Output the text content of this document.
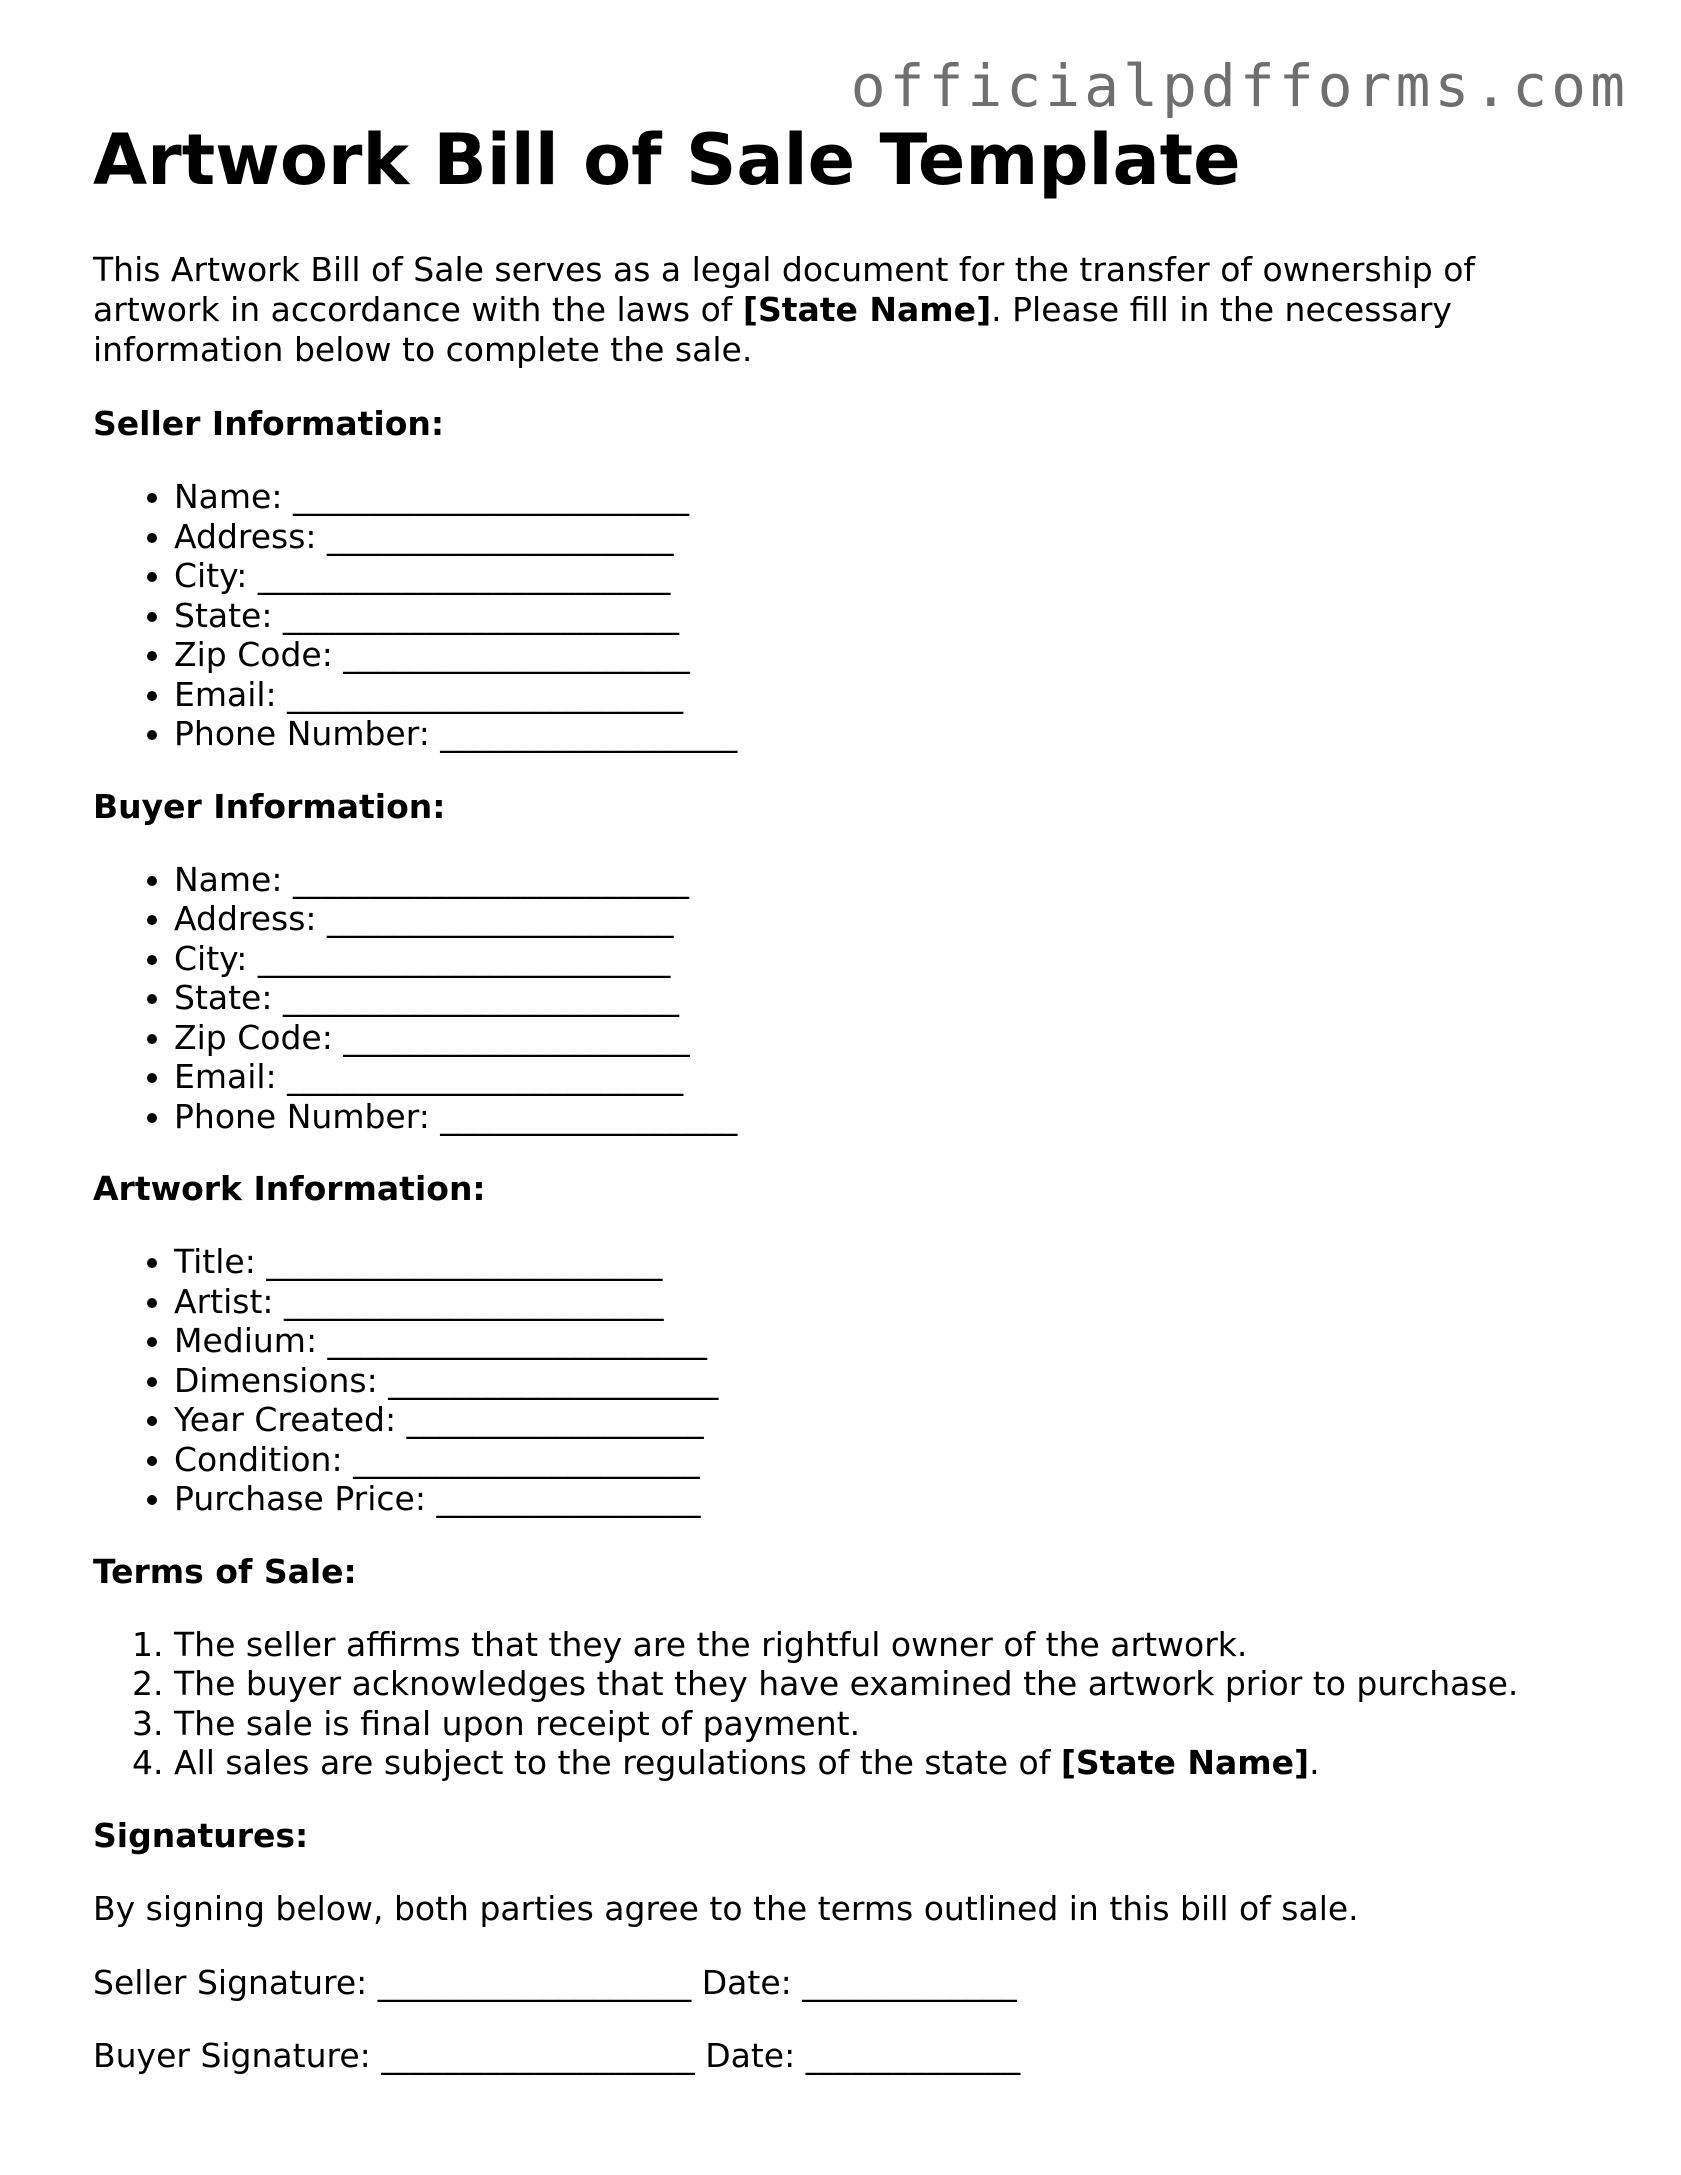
officialpdfforms.com
Artwork Bill of Sale Template

This Artwork Bill of Sale serves as a legal document for the transfer of ownership of artwork in accordance with the laws of [State Name]. Please fill in the necessary information below to complete the sale.

Seller Information:
• Name: ________________________
• Address: _____________________
• City: _________________________
• State: ________________________
• Zip Code: _____________________
• Email: ________________________
• Phone Number: __________________
Buyer Information:
• Name: ________________________
• Address: _____________________
• City: _________________________
• State: ________________________
• Zip Code: _____________________
• Email: ________________________
• Phone Number: __________________
Artwork Information:
• Title: ________________________
• Artist: _______________________
• Medium: _______________________
• Dimensions: ____________________
• Year Created: __________________
• Condition: _____________________
• Purchase Price: ________________
Terms of Sale:
1. The seller affirms that they are the rightful owner of the artwork.
2. The buyer acknowledges that they have examined the artwork prior to purchase.
3. The sale is final upon receipt of payment.
4. All sales are subject to the regulations of the state of [State Name].
Signatures:

By signing below, both parties agree to the terms outlined in this bill of sale.

Seller Signature: ___________________ Date: _____________
Buyer Signature: ___________________ Date: _____________
